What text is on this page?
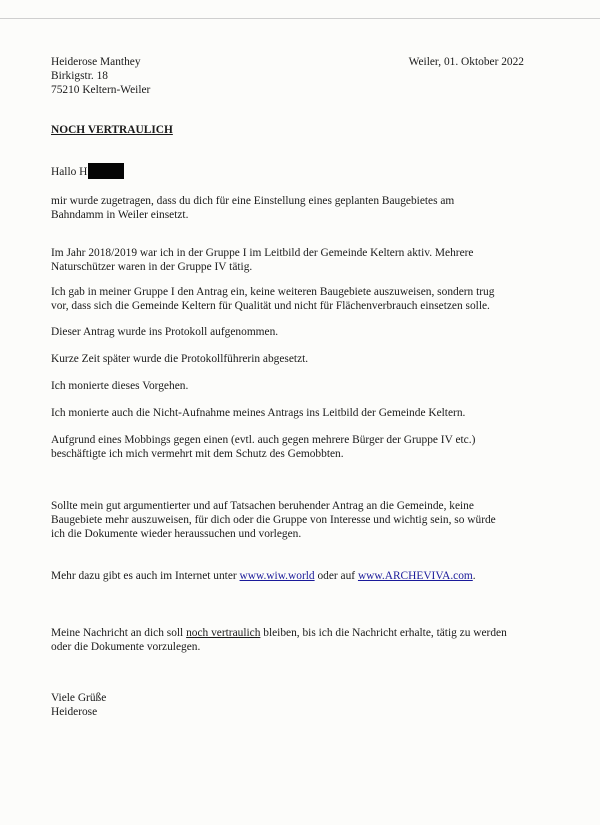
Heiderose Manthey

Birkigstr. 18

75210 Keltern-Weiler

Weiler, 01. Oktober 2022

NOCH VERTRAULICH

Hallo H

mir wurde zugetragen, dass du dich für eine Einstellung eines geplanten Baugebietes am

Bahndamm in Weiler einsetzt.

Im Jahr 2018/2019 war ich in der Gruppe I im Leitbild der Gemeinde Keltern aktiv. Mehrere

Naturschützer waren in der Gruppe IV tätig.

Ich gab in meiner Gruppe I den Antrag ein, keine weiteren Baugebiete auszuweisen, sondern trug

vor, dass sich die Gemeinde Keltern für Qualität und nicht für Flächenverbrauch einsetzen solle.

Dieser Antrag wurde ins Protokoll aufgenommen.

Kurze Zeit später wurde die Protokollführerin abgesetzt.

Ich monierte dieses Vorgehen.

Ich monierte auch die Nicht-Aufnahme meines Antrags ins Leitbild der Gemeinde Keltern.

Aufgrund eines Mobbings gegen einen (evtl. auch gegen mehrere Bürger der Gruppe IV etc.)

beschäftigte ich mich vermehrt mit dem Schutz des Gemobbten.

Sollte mein gut argumentierter und auf Tatsachen beruhender Antrag an die Gemeinde, keine

Baugebiete mehr auszuweisen, für dich oder die Gruppe von Interesse und wichtig sein, so würde

ich die Dokumente wieder heraussuchen und vorlegen.

Mehr dazu gibt es auch im Internet unter www.wiw.world oder auf www.ARCHEVIVA.com.

Meine Nachricht an dich soll noch vertraulich bleiben, bis ich die Nachricht erhalte, tätig zu werden

oder die Dokumente vorzulegen.

Viele Grüße

Heiderose
